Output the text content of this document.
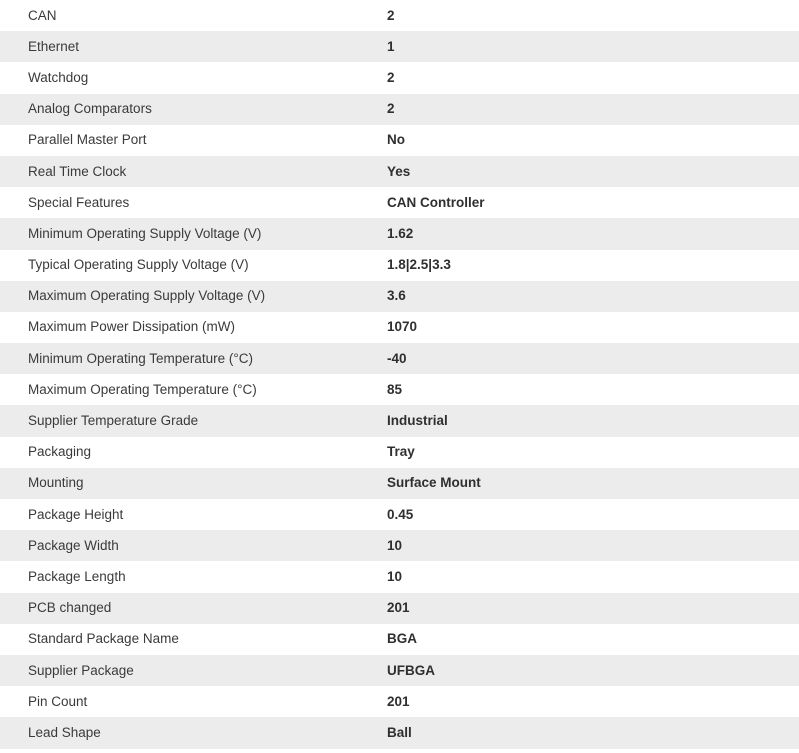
CAN	2
Ethernet	1
Watchdog	2
Analog Comparators	2
Parallel Master Port	No
Real Time Clock	Yes
Special Features	CAN Controller
Minimum Operating Supply Voltage (V)	1.62
Typical Operating Supply Voltage (V)	1.8|2.5|3.3
Maximum Operating Supply Voltage (V)	3.6
Maximum Power Dissipation (mW)	1070
Minimum Operating Temperature (°C)	-40
Maximum Operating Temperature (°C)	85
Supplier Temperature Grade	Industrial
Packaging	Tray
Mounting	Surface Mount
Package Height	0.45
Package Width	10
Package Length	10
PCB changed	201
Standard Package Name	BGA
Supplier Package	UFBGA
Pin Count	201
Lead Shape	Ball
